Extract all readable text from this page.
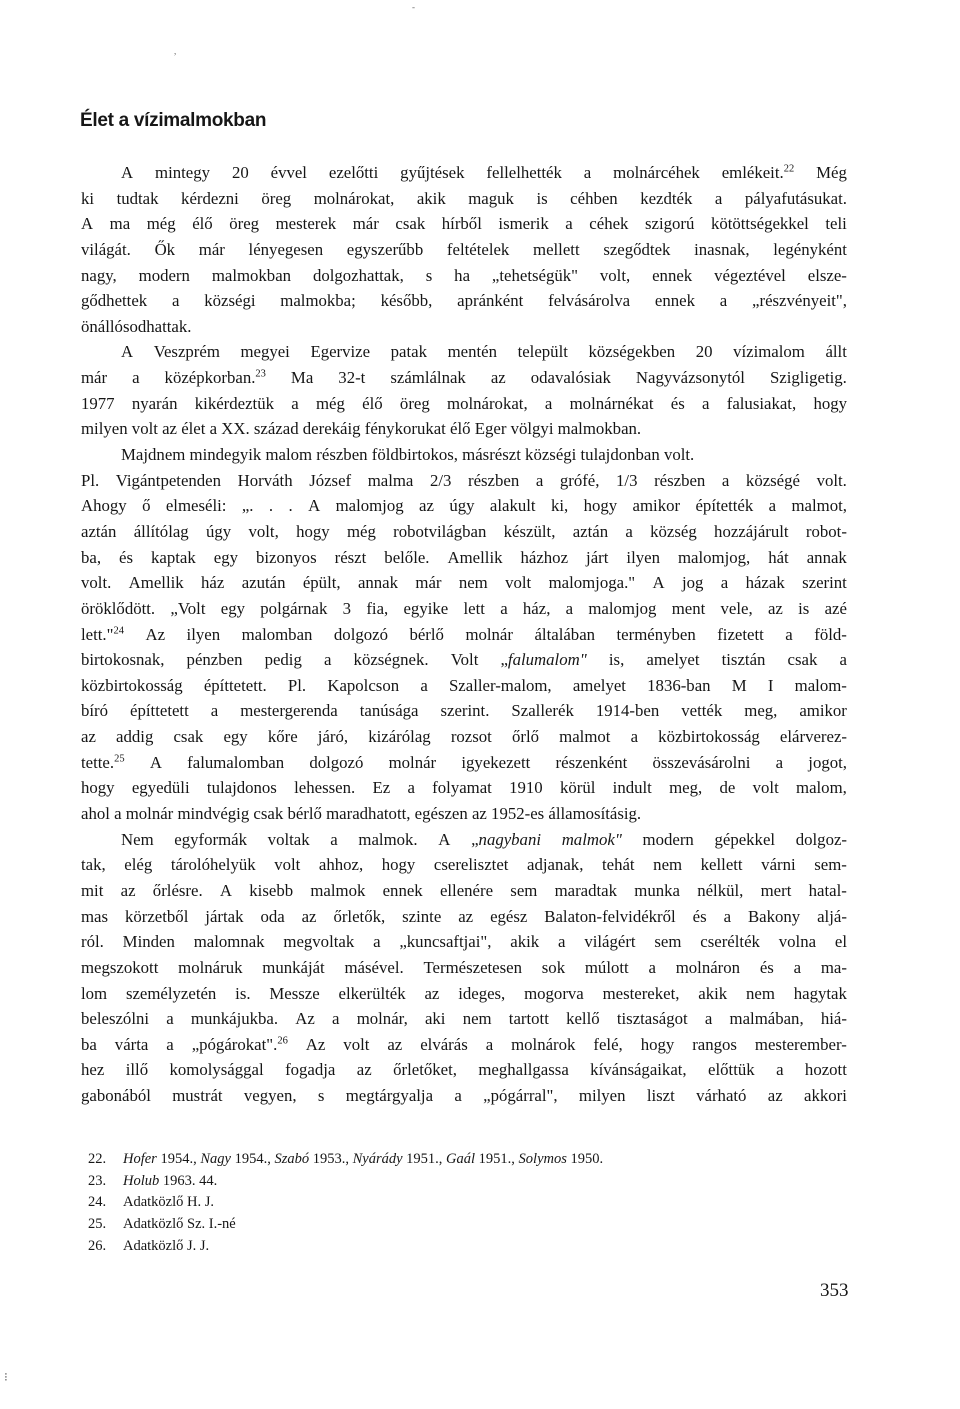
Élet a vízimalmokban
A mintegy 20 évvel ezelőtti gyűjtések fellelhették a molnárcéhek emlékeit.$^{22}$ Még
ki tudtak kérdezni öreg molnárokat, akik maguk is céhben kezdték a pályafutásukat.
A ma még élő öreg mesterek már csak hírből ismerik a céhek szigorú kötöttségekkel teli
világát. Ők már lényegesen egyszerűbb feltételek mellett szegődtek inasnak, legényként
nagy, modern malmokban dolgozhattak, s ha „tehetségük" volt, ennek végeztével elsze-
gődhettek a községi malmokba; később, apránként felvásárolva ennek a „részvényeit",
önállósodhattak.
A Veszprém megyei Egervize patak mentén települt községekben 20 vízimalom állt
már a középkorban.$^{23}$ Ma 32-t számlálnak az odavalósiak Nagyvázsonytól Szigligetig.
1977 nyarán kikérdeztük a még élő öreg molnárokat, a molnárnékat és a falusiakat, hogy
milyen volt az élet a XX. század derekáig fénykorukat élő Eger völgyi malmokban.
Majdnem mindegyik malom részben földbirtokos, másrészt községi tulajdonban volt.
Pl. Vigántpetenden Horváth József malma 2/3 részben a grófé, 1/3 részben a községé volt.
Ahogy ő elmeséli: „. . . A malomjog az úgy alakult ki, hogy amikor építették a malmot,
aztán állítólag úgy volt, hogy még robotvilágban készült, aztán a község hozzájárult robot-
ba, és kaptak egy bizonyos részt belőle. Amellik házhoz járt ilyen malomjog, hát annak
volt. Amellik ház azután épült, annak már nem volt malomjoga." A jog a házak szerint
öröklődött. „Volt egy polgárnak 3 fia, egyike lett a ház, a malomjog ment vele, az is azé
lett."$^{24}$ Az ilyen malomban dolgozó bérlő molnár általában terményben fizetett a föld-
birtokosnak, pénzben pedig a községnek. Volt „falumalom" is, amelyet tisztán csak a
közbirtokosság építtetett. Pl. Kapolcson a Szaller-malom, amelyet 1836-ban M I malom-
bíró építtetett a mestergerenda tanúsága szerint. Szallerék 1914-ben vették meg, amikor
az addig csak egy kőre járó, kizárólag rozsot őrlő malmot a közbirtokosság elárverez-
tette.$^{25}$ A falumalomban dolgozó molnár igyekezett részenként összevásárolni a jogot,
hogy egyedüli tulajdonos lehessen. Ez a folyamat 1910 körül indult meg, de volt malom,
ahol a molnár mindvégig csak bérlő maradhatott, egészen az 1952-es államosításig.
Nem egyformák voltak a malmok. A „nagybani malmok" modern gépekkel dolgoz-
tak, elég tárolóhelyük volt ahhoz, hogy cserelisztet adjanak, tehát nem kellett várni sem-
mit az őrlésre. A kisebb malmok ennek ellenére sem maradtak munka nélkül, mert hatal-
mas körzetből jártak oda az őrletők, szinte az egész Balaton-felvidékről és a Bakony aljá-
ról. Minden malomnak megvoltak a „kuncsaftjai", akik a világért sem cserélték volna el
megszokott molnáruk munkáját másével. Természetesen sok múlott a molnáron és a ma-
lom személyzetén is. Messze elkerülték az ideges, mogorva mestereket, akik nem hagytak
beleszólni a munkájukba. Az a molnár, aki nem tartott kellő tisztaságot a malmában, hiá-
ba várta a „pógárokat".$^{26}$ Az volt az elvárás a molnárok felé, hogy rangos mesterember-
hez illő komolysággal fogadja az őrletőket, meghallgassa kívánságaikat, előttük a hozott
gabonából mustrát vegyen, s megtárgyalja a „pógárral", milyen liszt várható az akkori
22.	Hofer 1954., Nagy 1954., Szabó 1953., Nyárády 1951., Gaál 1951., Solymos 1950.
23.	Holub 1963. 44.
24.	Adatközlő H. J.
25.	Adatközlő Sz. I.-né
26.	Adatközlő J. J.
353
-
,
⁝
